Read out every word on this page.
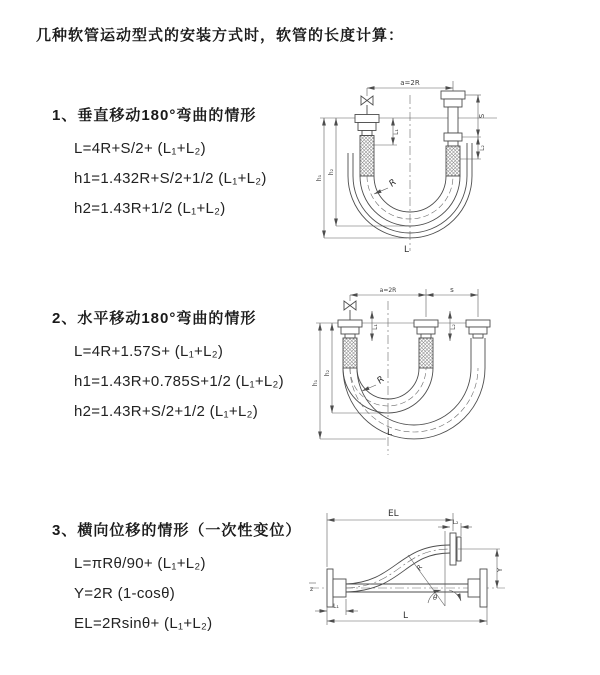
几种软管运动型式的安装方式时，软管的长度计算：
1、垂直移动180°弯曲的情形
L=4R+S/2+ (L₁+L₂)
h1=1.432R+S/2+1/2 (L₁+L₂)
h2=1.43R+1/2 (L₁+L₂)
2、水平移动180°弯曲的情形
L=4R+1.57S+ (L₁+L₂)
h1=1.43R+0.785S+1/2 (L₁+L₂)
h2=1.43R+S/2+1/2 (L₁+L₂)
3、横向位移的情形（一次性变位）
L=πRθ/90+ (L₁+L₂)
Y=2R (1-cosθ)
EL=2Rsinθ+ (L₁+L₂)
a=2R
h₁
h₂
L₁
S
L₂
R
L
a=2R	s
h₁
h₂
L₁	L₂
R
L
z
EL
L₂
Y
θ
R
L
L₁
